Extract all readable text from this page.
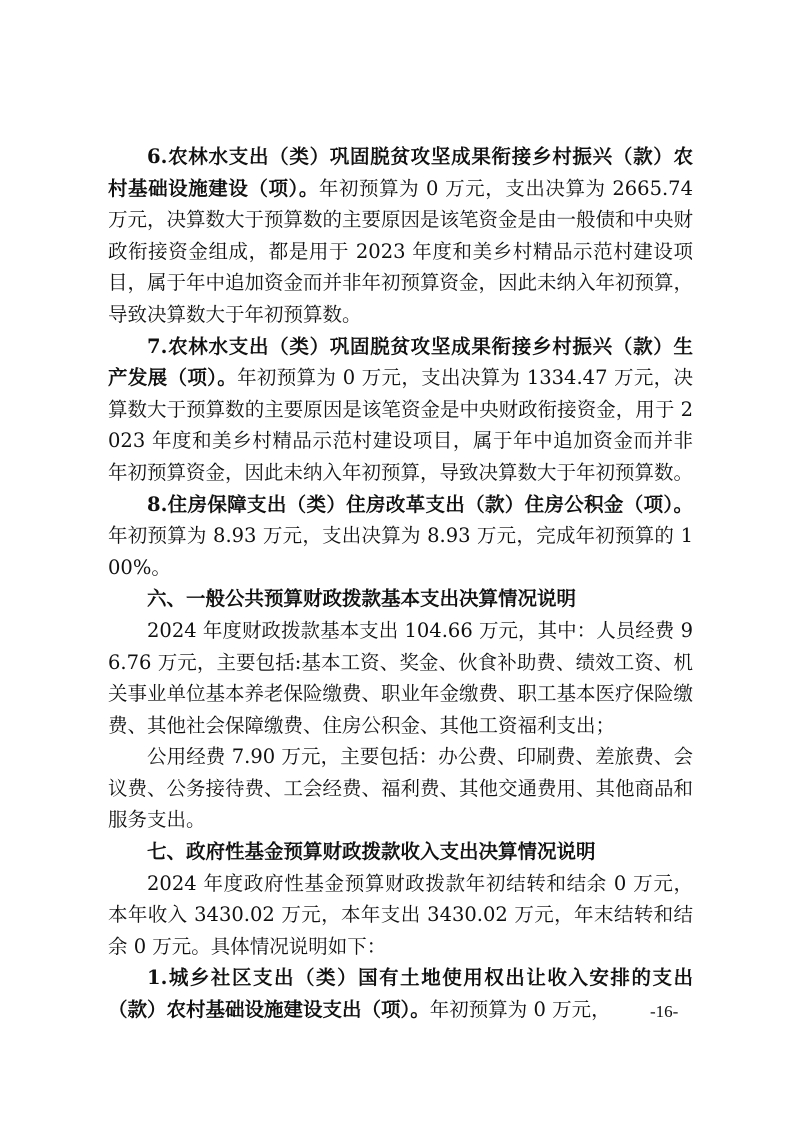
6.农林水支出（类）巩固脱贫攻坚成果衔接乡村振兴（款）农村基础设施建设（项）。年初预算为 0 万元，支出决算为 2665.74 万元，决算数大于预算数的主要原因是该笔资金是由一般债和中央财政衔接资金组成，都是用于 2023 年度和美乡村精品示范村建设项目，属于年中追加资金而并非年初预算资金，因此未纳入年初预算，导致决算数大于年初预算数。

7.农林水支出（类）巩固脱贫攻坚成果衔接乡村振兴（款）生产发展（项）。年初预算为 0 万元，支出决算为 1334.47 万元，决算数大于预算数的主要原因是该笔资金是中央财政衔接资金，用于 2023 年度和美乡村精品示范村建设项目，属于年中追加资金而并非年初预算资金，因此未纳入年初预算，导致决算数大于年初预算数。

8.住房保障支出（类）住房改革支出（款）住房公积金（项）。年初预算为 8.93 万元，支出决算为 8.93 万元，完成年初预算的 100%。

六、一般公共预算财政拨款基本支出决算情况说明

2024 年度财政拨款基本支出 104.66 万元，其中：人员经费 96.76 万元，主要包括:基本工资、奖金、伙食补助费、绩效工资、机关事业单位基本养老保险缴费、职业年金缴费、职工基本医疗保险缴费、其他社会保障缴费、住房公积金、其他工资福利支出；

公用经费 7.90 万元，主要包括：办公费、印刷费、差旅费、会议费、公务接待费、工会经费、福利费、其他交通费用、其他商品和服务支出。

七、政府性基金预算财政拨款收入支出决算情况说明

2024 年度政府性基金预算财政拨款年初结转和结余 0 万元，本年收入 3430.02 万元，本年支出 3430.02 万元，年末结转和结余 0 万元。具体情况说明如下：

1.城乡社区支出（类）国有土地使用权出让收入安排的支出（款）农村基础设施建设支出（项）。年初预算为 0 万元，	-16-
